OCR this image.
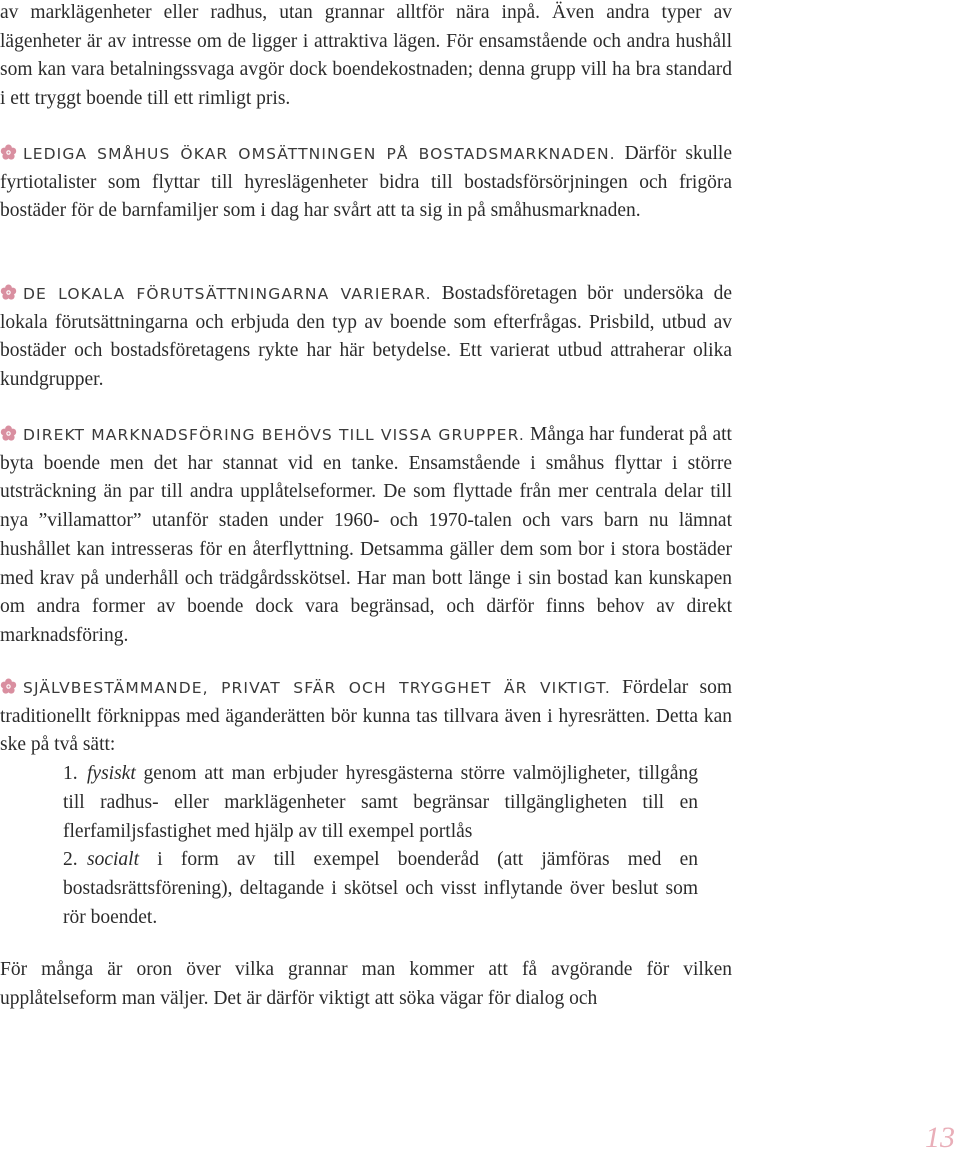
av marklägenheter eller radhus, utan grannar alltför nära inpå. Även andra typer av lägenheter är av intresse om de ligger i attraktiva lägen. För ensamstående och andra hushåll som kan vara betalningssvaga avgör dock boendekostnaden; denna grupp vill ha bra standard i ett tryggt boende till ett rimligt pris.

LEDIGA SMÅHUS ÖKAR OMSÄTTNINGEN PÅ BOSTADSMARKNADEN. Därför skulle fyrtiotalister som flyttar till hyreslägenheter bidra till bostadsförsörjningen och frigöra bostäder för de barnfamiljer som i dag har svårt att ta sig in på småhusmarknaden.

DE LOKALA FÖRUTSÄTTNINGARNA VARIERAR. Bostadsföretagen bör undersöka de lokala förutsättningarna och erbjuda den typ av boende som efterfrågas. Prisbild, utbud av bostäder och bostadsföretagens rykte har här betydelse. Ett varierat utbud attraherar olika kundgrupper.

DIREKT MARKNADSFÖRING BEHÖVS TILL VISSA GRUPPER. Många har funderat på att byta boende men det har stannat vid en tanke. Ensamstående i småhus flyttar i större utsträckning än par till andra upplåtelseformer. De som flyttade från mer centrala delar till nya ”villamattor” utanför staden under 1960- och 1970-talen och vars barn nu lämnat hushållet kan intresseras för en återflyttning. Detsamma gäller dem som bor i stora bostäder med krav på underhåll och trädgårdsskötsel. Har man bott länge i sin bostad kan kunskapen om andra former av boende dock vara begränsad, och därför finns behov av direkt marknadsföring.

SJÄLVBESTÄMMANDE, PRIVAT SFÄR OCH TRYGGHET ÄR VIKTIGT. Fördelar som traditionellt förknippas med äganderätten bör kunna tas tillvara även i hyresrätten. Detta kan ske på två sätt:

1. fysiskt genom att man erbjuder hyresgästerna större valmöjligheter, tillgång till radhus- eller marklägenheter samt begränsar tillgängligheten till en flerfamiljsfastighet med hjälp av till exempel portlås
2. socialt i form av till exempel boenderåd (att jämföras med en bostadsrättsförening), deltagande i skötsel och visst inflytande över beslut som rör boendet.

För många är oron över vilka grannar man kommer att få avgörande för vilken upplåtelseform man väljer. Det är därför viktigt att söka vägar för dialog och

13
